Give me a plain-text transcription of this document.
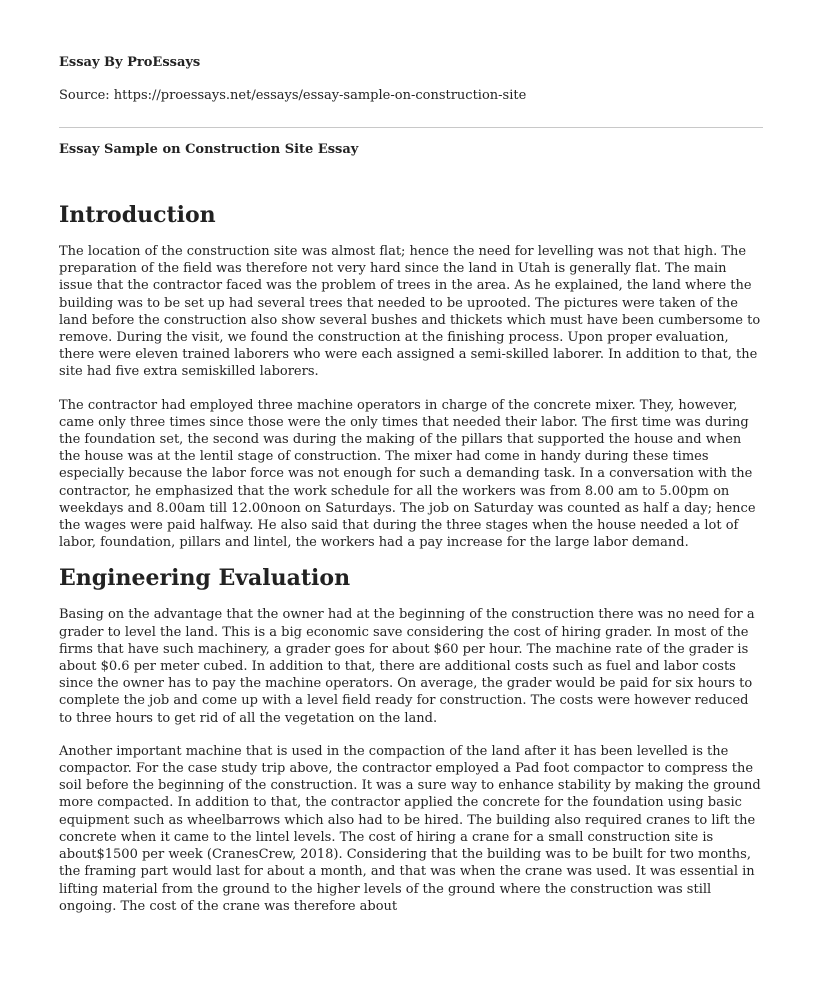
Essay By ProEssays

Source: https://proessays.net/essays/essay-sample-on-construction-site

Essay Sample on Construction Site Essay

Introduction

The location of the construction site was almost flat; hence the need for levelling was not that high. The preparation of the field was therefore not very hard since the land in Utah is generally flat. The main issue that the contractor faced was the problem of trees in the area. As he explained, the land where the building was to be set up had several trees that needed to be uprooted. The pictures were taken of the land before the construction also show several bushes and thickets which must have been cumbersome to remove. During the visit, we found the construction at the finishing process. Upon proper evaluation, there were eleven trained laborers who were each assigned a semi-skilled laborer. In addition to that, the site had five extra semiskilled laborers.

The contractor had employed three machine operators in charge of the concrete mixer. They, however, came only three times since those were the only times that needed their labor. The first time was during the foundation set, the second was during the making of the pillars that supported the house and when the house was at the lentil stage of construction. The mixer had come in handy during these times especially because the labor force was not enough for such a demanding task. In a conversation with the contractor, he emphasized that the work schedule for all the workers was from 8.00 am to 5.00pm on weekdays and 8.00am till 12.00noon on Saturdays. The job on Saturday was counted as half a day; hence the wages were paid halfway. He also said that during the three stages when the house needed a lot of labor, foundation, pillars and lintel, the workers had a pay increase for the large labor demand.

Engineering Evaluation

Basing on the advantage that the owner had at the beginning of the construction there was no need for a grader to level the land. This is a big economic save considering the cost of hiring grader. In most of the firms that have such machinery, a grader goes for about $60 per hour. The machine rate of the grader is about $0.6 per meter cubed. In addition to that, there are additional costs such as fuel and labor costs since the owner has to pay the machine operators. On average, the grader would be paid for six hours to complete the job and come up with a level field ready for construction. The costs were however reduced to three hours to get rid of all the vegetation on the land.

Another important machine that is used in the compaction of the land after it has been levelled is the compactor. For the case study trip above, the contractor employed a Pad foot compactor to compress the soil before the beginning of the construction. It was a sure way to enhance stability by making the ground more compacted. In addition to that, the contractor applied the concrete for the foundation using basic equipment such as wheelbarrows which also had to be hired. The building also required cranes to lift the concrete when it came to the lintel levels. The cost of hiring a crane for a small construction site is about$1500 per week (CranesCrew, 2018). Considering that the building was to be built for two months, the framing part would last for about a month, and that was when the crane was used. It was essential in lifting material from the ground to the higher levels of the ground where the construction was still ongoing. The cost of the crane was therefore about
